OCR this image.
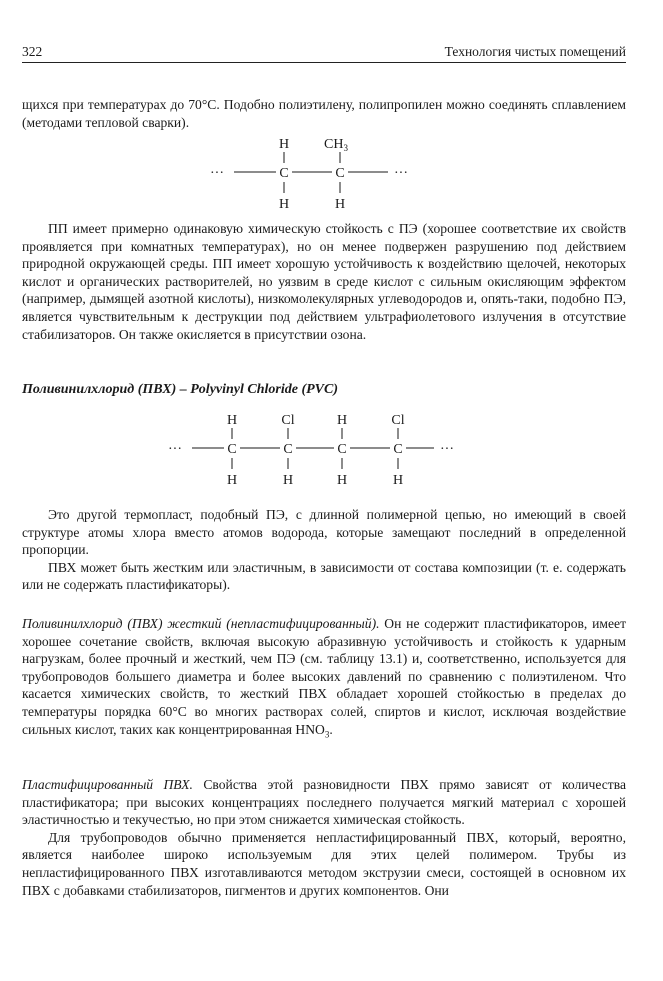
322	Технология чистых помещений

щихся при температурах до 70°С. Подобно полиэтилену, полипропилен можно соединять сплавлением (методами тепловой сварки).

H $CH_3$
···	C	C	···
H	H

ПП имеет примерно одинаковую химическую стойкость с ПЭ (хорошее соответствие их свойств проявляется при комнатных температурах), но он менее подвержен разрушению под действием природной окружающей среды. ПП имеет хорошую устойчивость к воздействию щелочей, некоторых кислот и органических растворителей, но уязвим в среде кислот с сильным окисляющим эффектом (например, дымящей азотной кислоты), низкомолекулярных углеводородов и, опять-таки, подобно ПЭ, является чувствительным к деструкции под действием ультрафиолетового излучения в отсутствие стабилизаторов. Он также окисляется в присутствии озона.

Поливинилхлорид (ПВХ) – Polyvinyl Chloride (PVC)
H	Cl	H	Cl
···	C	C	C	C	···
H	H	H	H

Это другой термопласт, подобный ПЭ, с длинной полимерной цепью, но имеющий в своей структуре атомы хлора вместо атомов водорода, которые замещают последний в определенной пропорции.

ПВХ может быть жестким или эластичным, в зависимости от состава композиции (т. е. содержать или не содержать пластификаторы).

Поливинилхлорид (ПВХ) жесткий (непластифицированный). Он не содержит пластификаторов, имеет хорошее сочетание свойств, включая высокую абразивную устойчивость и стойкость к ударным нагрузкам, более прочный и жесткий, чем ПЭ (см. таблицу 13.1) и, соответственно, используется для трубопроводов большего диаметра и более высоких давлений по сравнению с полиэтиленом. Что касается химических свойств, то жесткий ПВХ обладает хорошей стойкостью в пределах до температуры порядка 60°С во многих растворах солей, спиртов и кислот, исключая воздействие сильных кислот, таких как концентрированная $HNO_3$.

Пластифицированный ПВХ. Свойства этой разновидности ПВХ прямо зависят от количества пластификатора; при высоких концентрациях последнего получается мягкий материал с хорошей эластичностью и текучестью, но при этом снижается химическая стойкость.

Для трубопроводов обычно применяется непластифицированный ПВХ, который, вероятно, является наиболее широко используемым для этих целей полимером. Трубы из непластифицированного ПВХ изготавливаются методом экструзии смеси, состоящей в основном их ПВХ с добавками стабилизаторов, пигментов и других компонентов. Они
